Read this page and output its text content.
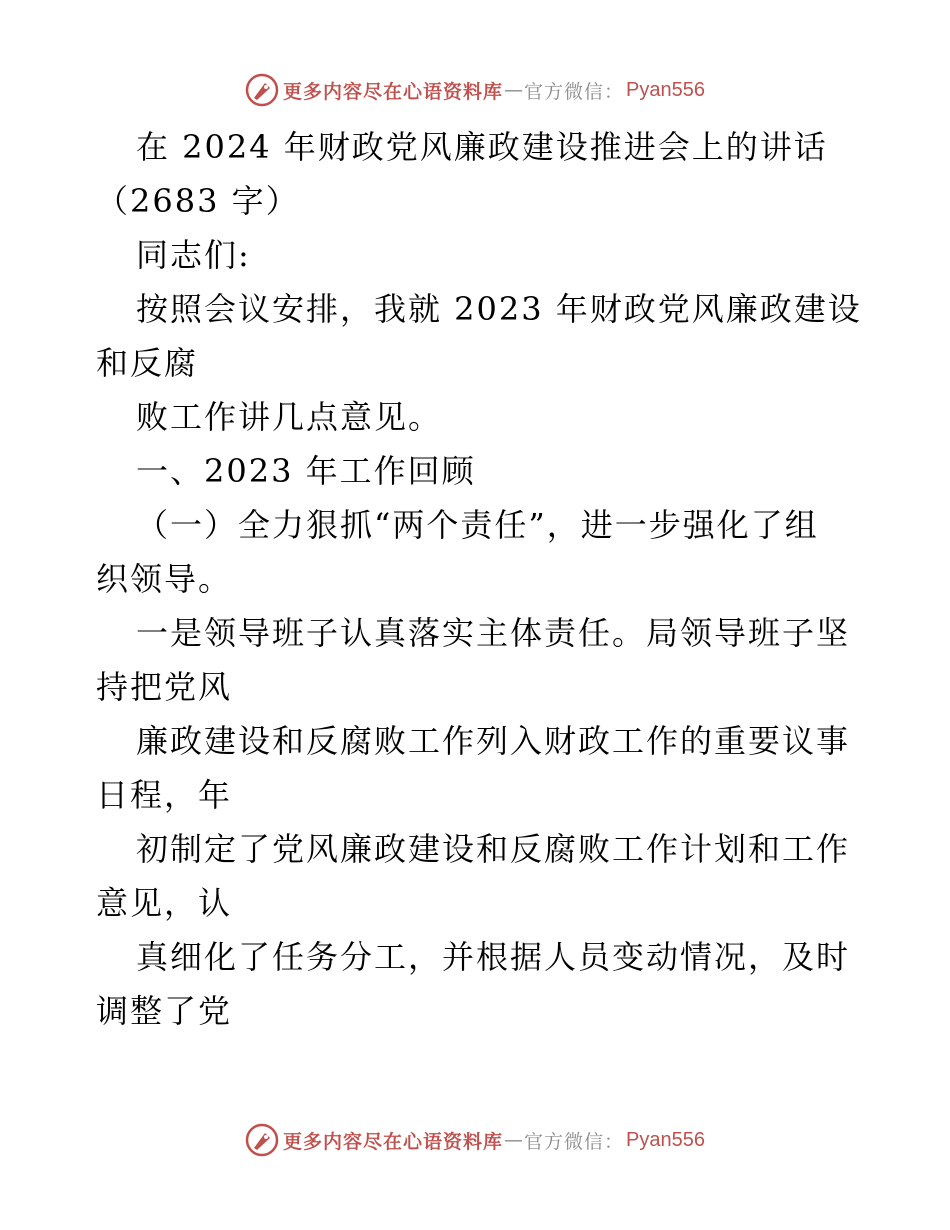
更多内容尽在心语资料库 — 官方微信： Pyan556
在 2024 年财政党风廉政建设推进会上的讲话
（2683 字）
同志们:
按照会议安排，我就 2023 年财政党风廉政建设
和反腐
败工作讲几点意见。
一、2023 年工作回顾
（一）全力狠抓“两个责任”，进一步强化了组
织领导。
一是领导班子认真落实主体责任。局领导班子坚
持把党风
廉政建设和反腐败工作列入财政工作的重要议事
日程，年
初制定了党风廉政建设和反腐败工作计划和工作
意见，认
真细化了任务分工，并根据人员变动情况，及时
调整了党
更多内容尽在心语资料库 — 官方微信： Pyan556
